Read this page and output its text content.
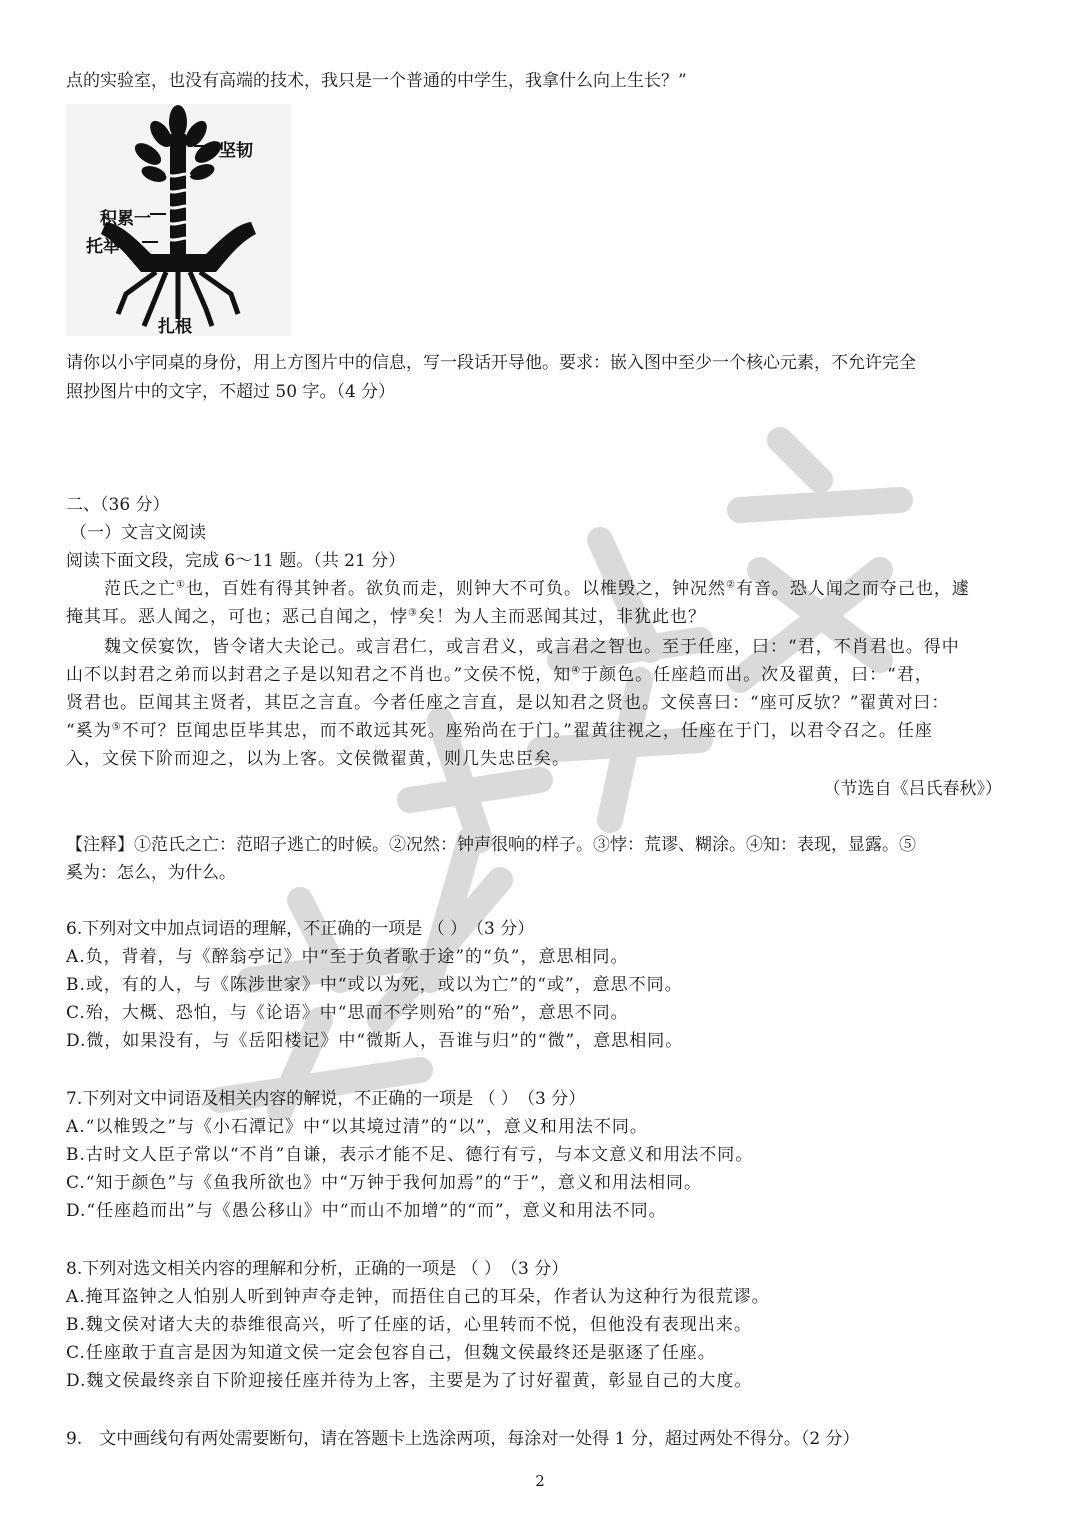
点的实验室，也没有高端的技术，我只是一个普通的中学生，我拿什么向上生长？”
一坚韧
积累一
托举一
扎根
请你以小宇同桌的身份，用上方图片中的信息，写一段话开导他。要求：嵌入图中至少一个核心元素，不允许完全
照抄图片中的文字，不超过 50 字。（4 分）
二、（36 分）
（一）文言文阅读
阅读下面文段，完成 6～11 题。（共 21 分）
范氏之亡①也，百姓有得其钟者。欲负而走，则钟大不可负。以椎毁之，钟况然②有音。恐人闻之而夺己也，遽
掩其耳。恶人闻之，可也；恶己自闻之，悖③矣！为人主而恶闻其过，非犹此也？
魏文侯宴饮，皆令诸大夫论己。或言君仁，或言君义，或言君之智也。至于任座，曰：“君，不肖君也。得中
山不以封君之弟而以封君之子是以知君之不肖也。”文侯不悦，知④于颜色。任座趋而出。次及翟黄，曰：“君，
贤君也。臣闻其主贤者，其臣之言直。今者任座之言直，是以知君之贤也。文侯喜曰：“座可反欤？”翟黄对曰：
“奚为⑤不可？臣闻忠臣毕其忠，而不敢远其死。座殆尚在于门。”翟黄往视之，任座在于门，以君令召之。任座
入，文侯下阶而迎之，以为上客。文侯微翟黄，则几失忠臣矣。
（节选自《吕氏春秋》）
【注释】①范氏之亡：范昭子逃亡的时候。②况然：钟声很响的样子。③悖：荒谬、糊涂。④知：表现，显露。⑤
奚为：怎么，为什么。
6.下列对文中加点词语的理解，不正确的一项是 （ ）　（3 分）
A.负，背着，与《醉翁亭记》中“至于负者歌于途”的“负”，意思相同。
B.或，有的人，与《陈涉世家》中“或以为死，或以为亡”的“或”，意思不同。
C.殆，大概、恐怕，与《论语》中“思而不学则殆”的“殆”，意思不同。
D.微，如果没有，与《岳阳楼记》中“微斯人，吾谁与归”的“微”，意思相同。
7.下列对文中词语及相关内容的解说，不正确的一项是 （ ）　（3 分）
A.“以椎毁之”与《小石潭记》中“以其境过清”的“以”，意义和用法不同。
B.古时文人臣子常以“不肖”自谦，表示才能不足、德行有亏，与本文意义和用法不同。
C.“知于颜色”与《鱼我所欲也》中“万钟于我何加焉”的“于”，意义和用法相同。
D.“任座趋而出”与《愚公移山》中“而山不加增”的“而”，意义和用法不同。
8.下列对选文相关内容的理解和分析，正确的一项是 （ ）　（3 分）
A.掩耳盗钟之人怕别人听到钟声夺走钟，而捂住自己的耳朵，作者认为这种行为很荒谬。
B.魏文侯对诸大夫的恭维很高兴，听了任座的话，心里转而不悦，但他没有表现出来。
C.任座敢于直言是因为知道文侯一定会包容自己，但魏文侯最终还是驱逐了任座。
D.魏文侯最终亲自下阶迎接任座并待为上客，主要是为了讨好翟黄，彰显自己的大度。
9.　文中画线句有两处需要断句，请在答题卡上选涂两项，每涂对一处得 1 分，超过两处不得分。（2 分）
2
